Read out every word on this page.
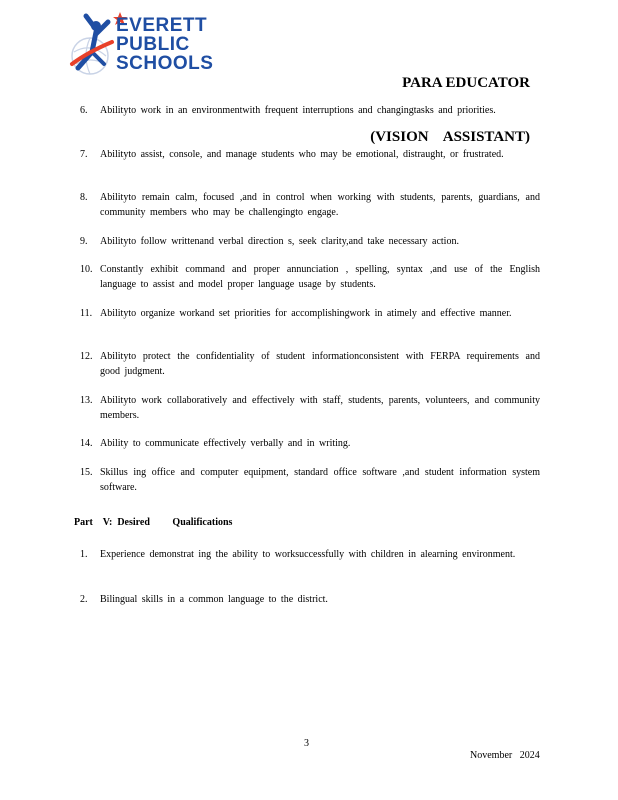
EVERETT
PUBLIC
SCHOOLS

PARA EDUCATOR

(VISION    ASSISTANT)

6.	Abilityto work in an environmentwith frequent interruptions and changingtasks and priorities.
7.	Abilityto assist, console, and manage students who may be emotional, distraught, or frustrated.
8.	Abilityto remain calm, focused ,and in control when working with students, parents, guardians, and community members who may be challengingto engage.
9.	Abilityto follow writtenand verbal direction s, seek clarity,and take necessary action.
10. Constantly exhibit command and proper annunciation , spelling, syntax ,and use of the English language to assist and model proper language usage by students.
11. Abilityto organize workand set priorities for accomplishingwork in atimely and effective manner.
12. Abilityto protect the confidentiality of student informationconsistent with FERPA requirements and good judgment.
13. Abilityto work collaboratively and effectively with staff, students, parents, volunteers, and community members.
14. Ability to communicate effectively verbally and in writing.
15. Skillus ing office and computer equipment, standard office software ,and student information system software.
Part    V:  Desired         Qualifications
1.	Experience demonstrat ing the ability to worksuccessfully with children in alearning environment.
2.	Bilingual skills in a common language to the district.
3
November   2024
